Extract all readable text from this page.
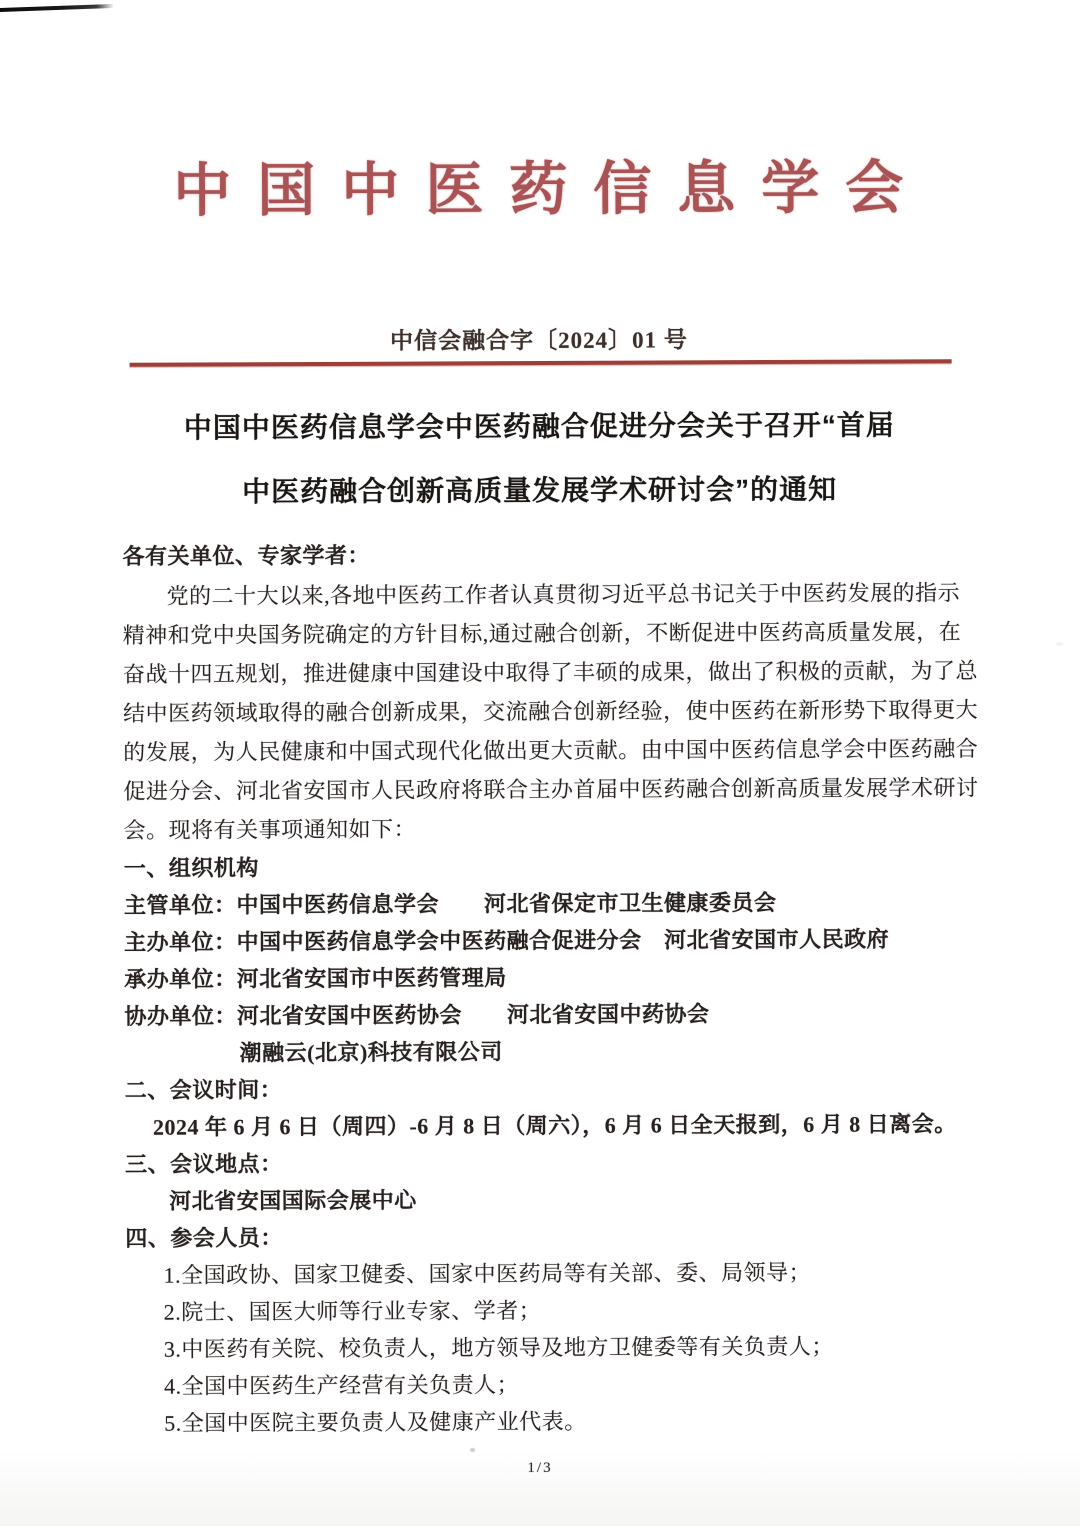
中国中医药信息学会
中信会融合字〔2024〕01 号
中国中医药信息学会中医药融合促进分会关于召开“首届
中医药融合创新高质量发展学术研讨会”的通知
各有关单位、专家学者：
党的二十大以来,各地中医药工作者认真贯彻习近平总书记关于中医药发展的指示
精神和党中央国务院确定的方针目标,通过融合创新，不断促进中医药高质量发展，在
奋战十四五规划，推进健康中国建设中取得了丰硕的成果，做出了积极的贡献，为了总
结中医药领域取得的融合创新成果，交流融合创新经验，使中医药在新形势下取得更大
的发展，为人民健康和中国式现代化做出更大贡献。由中国中医药信息学会中医药融合
促进分会、河北省安国市人民政府将联合主办首届中医药融合创新高质量发展学术研讨
会。现将有关事项通知如下：
一、组织机构
主管单位：中国中医药信息学会　　河北省保定市卫生健康委员会
主办单位：中国中医药信息学会中医药融合促进分会　河北省安国市人民政府
承办单位：河北省安国市中医药管理局
协办单位：河北省安国中医药协会　　河北省安国中药协会
潮融云(北京)科技有限公司
二、会议时间：
2024 年 6 月 6 日（周四）-6 月 8 日（周六），6 月 6 日全天报到，6 月 8 日离会。
三、会议地点：
河北省安国国际会展中心
四、参会人员：
1.全国政协、国家卫健委、国家中医药局等有关部、委、局领导；
2.院士、国医大师等行业专家、学者；
3.中医药有关院、校负责人，地方领导及地方卫健委等有关负责人；
4.全国中医药生产经营有关负责人；
5.全国中医院主要负责人及健康产业代表。
1/3
